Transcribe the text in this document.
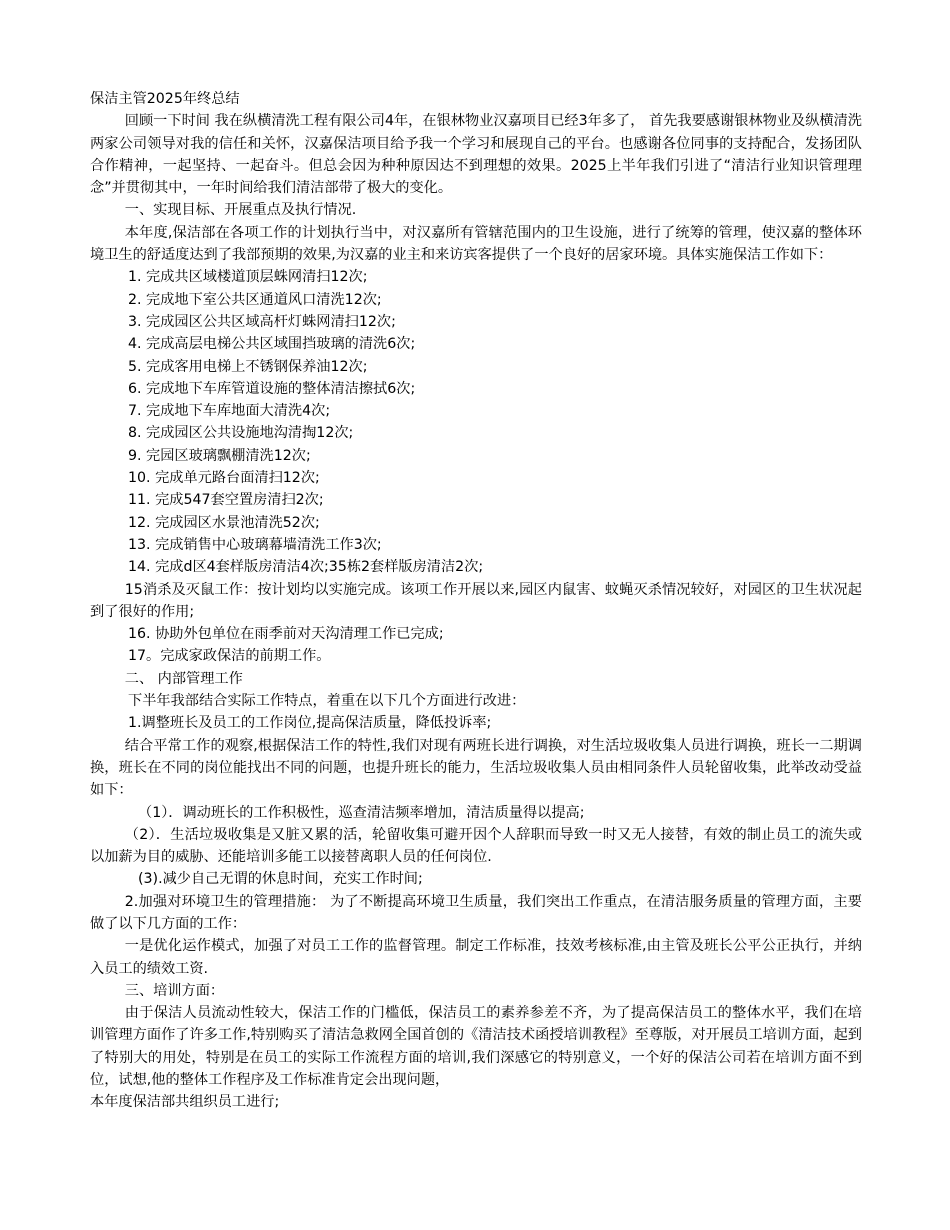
保洁主管2025年终总结

回顾一下时间 我在纵横清洗工程有限公司4年，在银林物业汉嘉项目已经3年多了， 首先我要感谢银林物业及纵横清洗两家公司领导对我的信任和关怀，汉嘉保洁项目给予我一个学习和展现自己的平台。也感谢各位同事的支持配合，发扬团队合作精神，一起坚持、一起奋斗。但总会因为种种原因达不到理想的效果。2025上半年我们引进了“清洁行业知识管理理念”并贯彻其中，一年时间给我们清洁部带了极大的变化。

一、实现目标、开展重点及执行情况.

本年度,保洁部在各项工作的计划执行当中，对汉嘉所有管辖范围内的卫生设施，进行了统筹的管理，使汉嘉的整体环境卫生的舒适度达到了我部预期的效果,为汉嘉的业主和来访宾客提供了一个良好的居家环境。具体实施保洁工作如下：

1. 完成共区域楼道顶层蛛网清扫12次;

2. 完成地下室公共区通道风口清洗12次;

3. 完成园区公共区域高杆灯蛛网清扫12次;

4. 完成高层电梯公共区域围挡玻璃的清洗6次;

5. 完成客用电梯上不锈钢保养油12次;

6. 完成地下车库管道设施的整体清洁擦拭6次;

7. 完成地下车库地面大清洗4次;

8. 完成园区公共设施地沟清掏12次;

9. 完园区玻璃飘棚清洗12次;

10. 完成单元路台面清扫12次;

11. 完成547套空置房清扫2次;

12. 完成园区水景池清洗52次;

13. 完成销售中心玻璃幕墙清洗工作3次;

14. 完成d区4套样版房清洁4次;35栋2套样版房清洁2次;

15消杀及灭鼠工作：按计划均以实施完成。该项工作开展以来,园区内鼠害、蚊蝇灭杀情况较好，对园区的卫生状况起到了很好的作用;

16. 协助外包单位在雨季前对天沟清理工作已完成;

17。完成家政保洁的前期工作。

二、 内部管理工作

下半年我部结合实际工作特点，着重在以下几个方面进行改进：

1.调整班长及员工的工作岗位,提高保洁质量，降低投诉率;

结合平常工作的观察,根据保洁工作的特性,我们对现有两班长进行调换，对生活垃圾收集人员进行调换，班长一二期调换，班长在不同的岗位能找出不同的问题，也提升班长的能力，生活垃圾收集人员由相同条件人员轮留收集，此举改动受益如下：

（1）．调动班长的工作积极性，巡查清洁频率增加，清洁质量得以提高;

（2）．生活垃圾收集是又脏又累的活，轮留收集可避开因个人辞职而导致一时又无人接替，有效的制止员工的流失或以加薪为目的威胁、还能培训多能工以接替离职人员的任何岗位.

(3).减少自己无谓的休息时间，充实工作时间;

2.加强对环境卫生的管理措施： 为了不断提高环境卫生质量，我们突出工作重点，在清洁服务质量的管理方面，主要做了以下几方面的工作：

一是优化运作模式，加强了对员工工作的监督管理。制定工作标准，技效考核标准,由主管及班长公平公正执行，并纳入员工的绩效工资.

三、培训方面：

由于保洁人员流动性较大，保洁工作的门槛低，保洁员工的素养参差不齐，为了提高保洁员工的整体水平，我们在培训管理方面作了许多工作,特别购买了清洁急救网全国首创的《清洁技术函授培训教程》至尊版，对开展员工培训方面，起到了特别大的用处，特别是在员工的实际工作流程方面的培训,我们深感它的特别意义，一个好的保洁公司若在培训方面不到位，试想,他的整体工作程序及工作标准肯定会出现问题，

本年度保洁部共组织员工进行;
